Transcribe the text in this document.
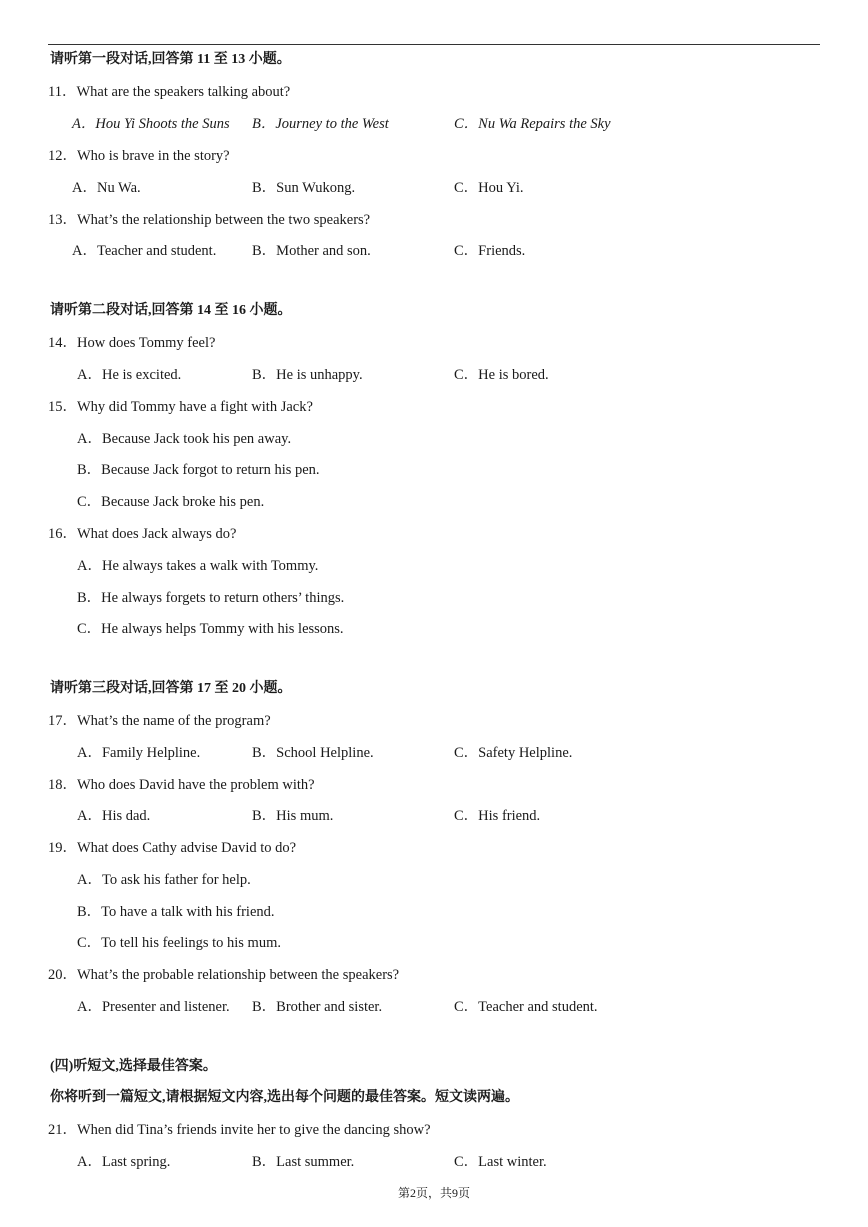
请听第一段对话,回答第 11 至 13 小题。
11．What are the speakers talking about?
A．Hou Yi Shoots the Suns B．Journey to the West	C．Nu Wa Repairs the Sky
12．Who is brave in the story?
A．Nu Wa.	B．Sun Wukong.	C．Hou Yi.
13．What’s the relationship between the two speakers?
A．Teacher and student. B．Mother and son.	C．Friends.
请听第二段对话,回答第 14 至 16 小题。
14．How does Tommy feel?
A．He is excited.	B．He is unhappy.	C．He is bored.
15．Why did Tommy have a fight with Jack?
A．Because Jack took his pen away.
B．Because Jack forgot to return his pen.
C．Because Jack broke his pen.
16．What does Jack always do?
A．He always takes a walk with Tommy.
B．He always forgets to return others’ things.
C．He always helps Tommy with his lessons.
请听第三段对话,回答第 17 至 20 小题。
17．What’s the name of the program?
A．Family Helpline.	B．School Helpline.	C．Safety Helpline.
18．Who does David have the problem with?
A．His dad.	B．His mum.	C．His friend.
19．What does Cathy advise David to do?
A．To ask his father for help.
B．To have a talk with his friend.
C．To tell his feelings to his mum.
20．What’s the probable relationship between the speakers?
A．Presenter and listener. B．Brother and sister.	C．Teacher and student.
(四)听短文,选择最佳答案。
你将听到一篇短文,请根据短文内容,选出每个问题的最佳答案。短文读两遍。
21．When did Tina’s friends invite her to give the dancing show?
A．Last spring.	B．Last summer.	C．Last winter.
第2页，共9页
